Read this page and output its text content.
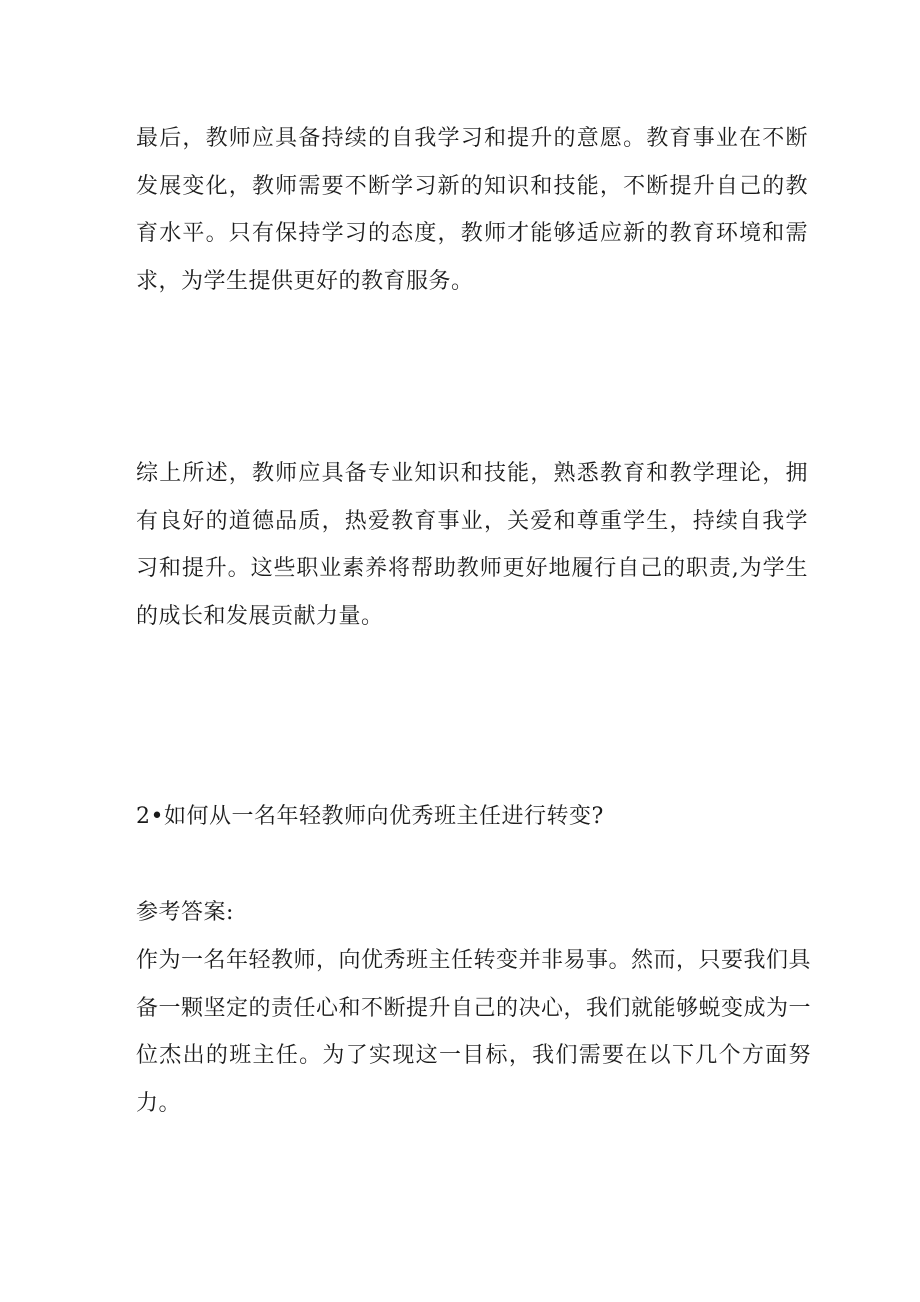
最后，教师应具备持续的自我学习和提升的意愿。教育事业在不断发展变化，教师需要不断学习新的知识和技能，不断提升自己的教育水平。只有保持学习的态度，教师才能够适应新的教育环境和需求，为学生提供更好的教育服务。

综上所述，教师应具备专业知识和技能，熟悉教育和教学理论，拥有良好的道德品质，热爱教育事业，关爱和尊重学生，持续自我学习和提升。这些职业素养将帮助教师更好地履行自己的职责,为学生的成长和发展贡献力量。

2•如何从一名年轻教师向优秀班主任进行转变?

参考答案:

作为一名年轻教师，向优秀班主任转变并非易事。然而，只要我们具备一颗坚定的责任心和不断提升自己的决心，我们就能够蜕变成为一位杰出的班主任。为了实现这一目标，我们需要在以下几个方面努力。
